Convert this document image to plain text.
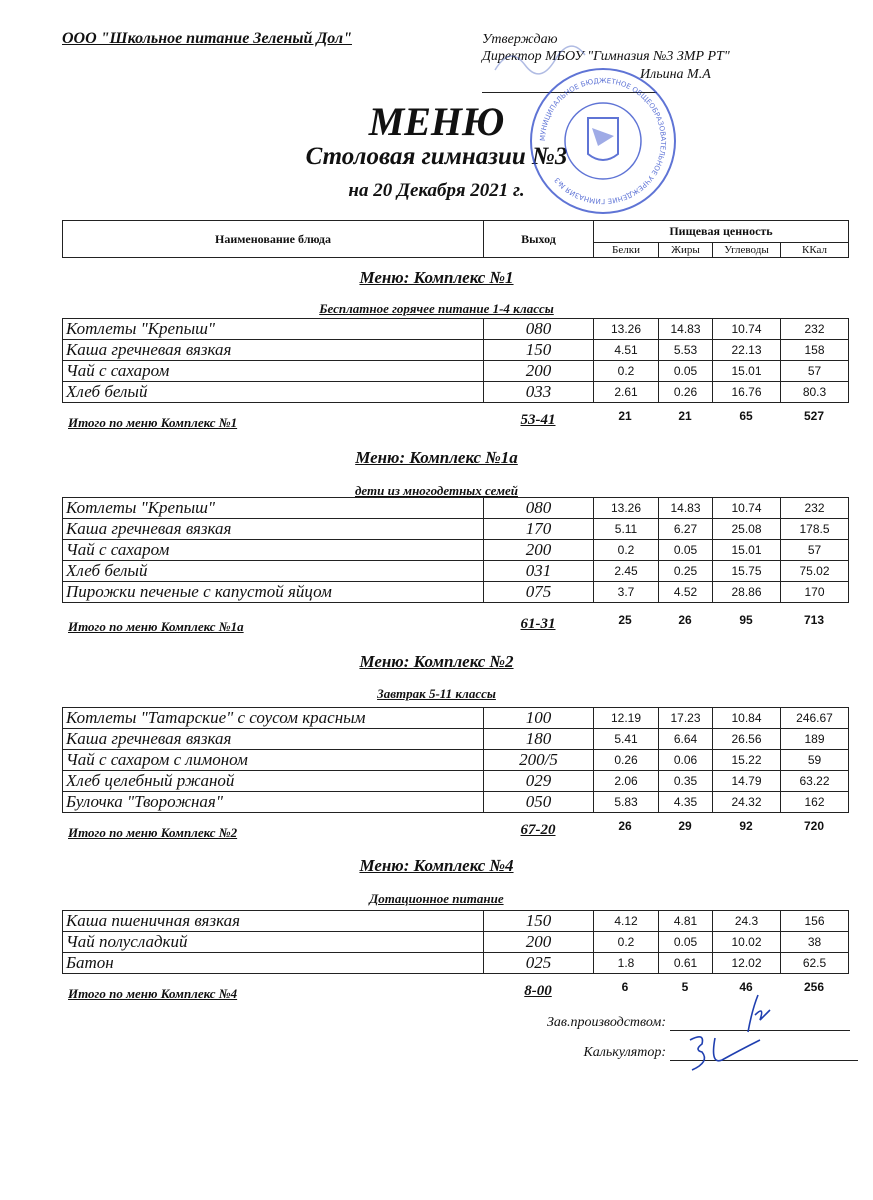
ООО "Школьное питание Зеленый Дол"	Утверждаю
Директор МБОУ "Гимназия №3 ЗМР РТ"
Ильина М.А
МЕНЮ
Столовая гимназии №3
на 20 Декабря 2021 г.
МУНИЦИПАЛЬНОЕ БЮДЖЕТНОЕ ОБЩЕОБРАЗОВАТЕЛЬНОЕ УЧРЕЖДЕНИЕ ГИМНАЗИЯ №3
Наименование блюда	Выход	Пищевая ценность			
		Белки	Жиры	Углеводы	ККал
Меню: Комплекс №1
Бесплатное горячее питание 1-4 классы
Котлеты "Крепыш"	080	13.26	14.83	10.74	232
Каша гречневая вязкая	150	4.51	5.53	22.13	158
Чай с сахаром	200	0.2	0.05	15.01	57
Хлеб белый	033	2.61	0.26	16.76	80.3
Итого по меню Комплекс №1	53-41	21	21	65	527
Меню: Комплекс №1а
дети из многодетных семей
Котлеты "Крепыш"	080	13.26	14.83	10.74	232
Каша гречневая вязкая	170	5.11	6.27	25.08	178.5
Чай с сахаром	200	0.2	0.05	15.01	57
Хлеб белый	031	2.45	0.25	15.75	75.02
Пирожки печеные с капустой яйцом	075	3.7	4.52	28.86	170
Итого по меню Комплекс №1а	61-31	25	26	95	713
Меню: Комплекс №2
Завтрак 5-11 классы
Котлеты "Татарские" с соусом красным	100	12.19	17.23	10.84	246.67
Каша гречневая вязкая	180	5.41	6.64	26.56	189
Чай с сахаром с лимоном	200/5	0.26	0.06	15.22	59
Хлеб целебный ржаной	029	2.06	0.35	14.79	63.22
Булочка "Творожная"	050	5.83	4.35	24.32	162
Итого по меню Комплекс №2	67-20	26	29	92	720
Меню: Комплекс №4
Дотационное питание
Каша пшеничная вязкая	150	4.12	4.81	24.3	156
Чай полусладкий	200	0.2	0.05	10.02	38
Батон	025	1.8	0.61	12.02	62.5
Итого по меню Комплекс №4	8-00	6	5	46	256
Зав.производством:
Калькулятор:
